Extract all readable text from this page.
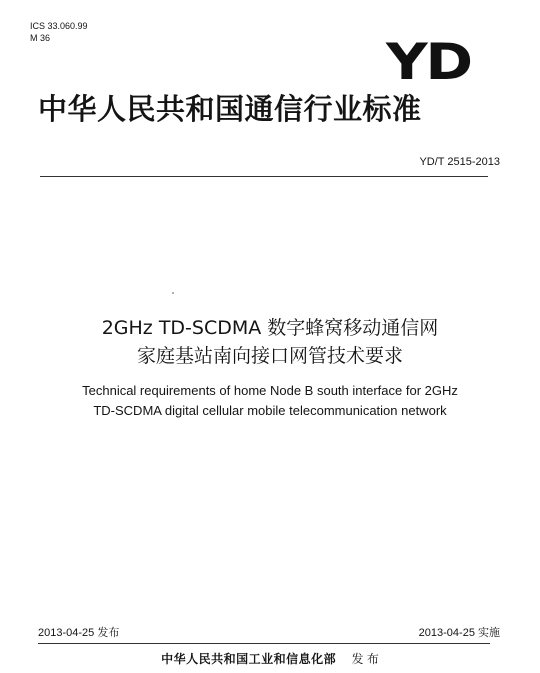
ICS 33.060.99
M 36	YD
中华人民共和国通信行业标准
YD/T 2515-2013
2GHz TD-SCDMA 数字蜂窝移动通信网
家庭基站南向接口网管技术要求
Technical requirements of home Node B south interface for 2GHz
TD-SCDMA digital cellular mobile telecommunication network
2013-04-25 发布	2013-04-25 实施
中华人民共和国工业和信息化部 发 布
